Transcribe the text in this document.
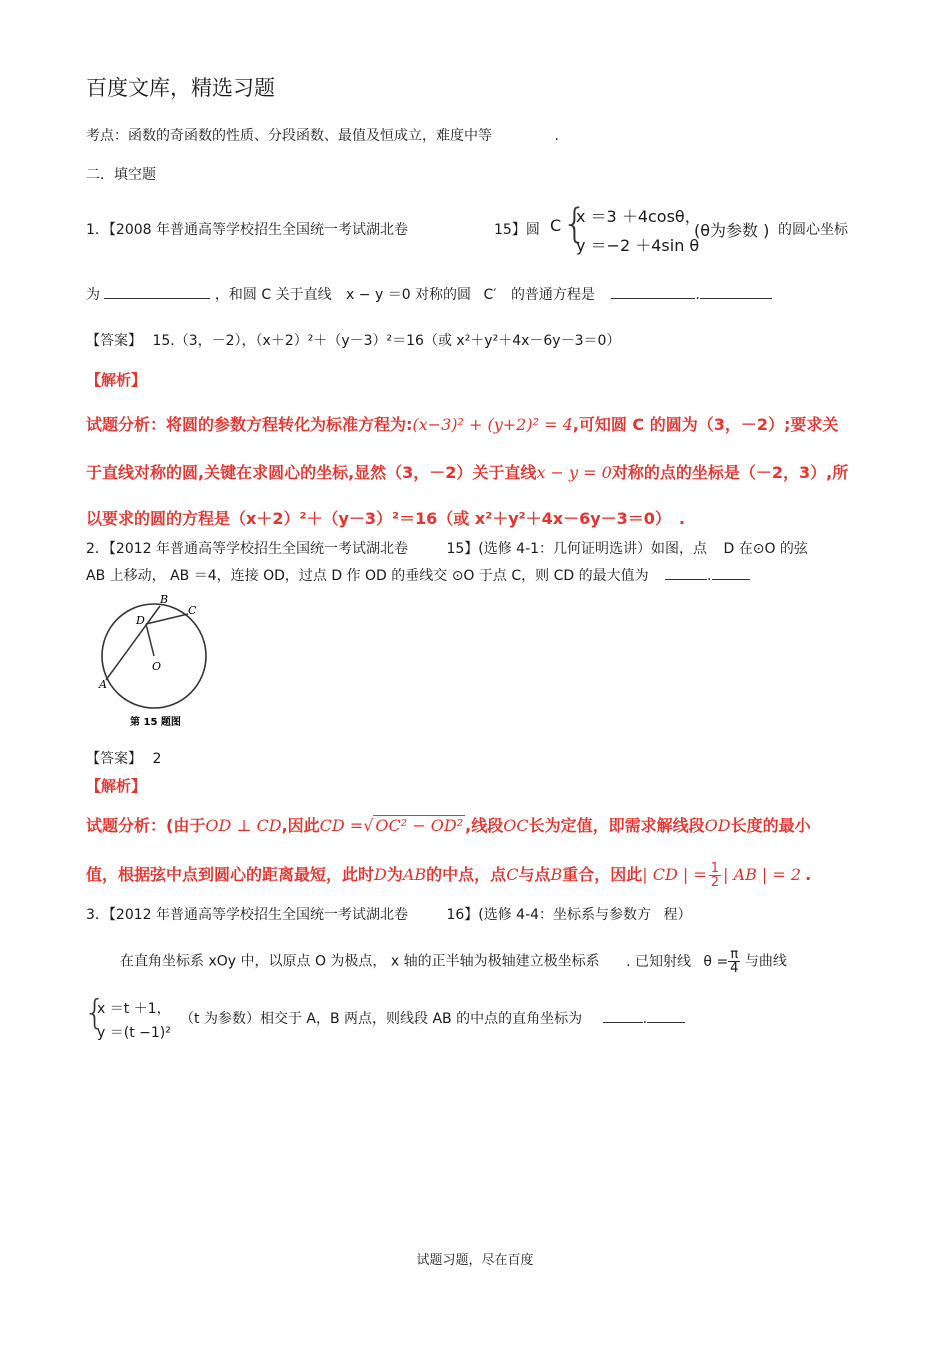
百度文库，精选习题
考点：函数的奇函数的性质、分段函数、最值及恒成立，难度中等	.
二．填空题
1．【2008 年普通高等学校招生全国统一考试湖北卷	15】圆 C {
x ＝3 ＋4cosθ，
y ＝−2 ＋4sin θ
(θ为参数 ) 的圆心坐标
为	，和圆 C 关于直线 x − y ＝0 对称的圆 C′ 的普通方程是	.
【答案】 15.（3，－2），（x＋2）²＋（y－3）²＝16（或 x²＋y²＋4x－6y－3＝0）
【解析】
试题分析：将圆的参数方程转化为标准方程为:(x−3)² + (y+2)² = 4,可知圆 C 的圆为（3，－2）;要求关
于直线对称的圆,关键在求圆心的坐标,显然（3，－2）关于直线x − y = 0对称的点的坐标是（－2，3）,所
以要求的圆的方程是（x＋2）²＋（y－3）²＝16（或 x²＋y²＋4x－6y－3＝0） .
2．【2012 年普通高等学校招生全国统一考试湖北卷	15】(选修 4-1：几何证明选讲）如图，点 D 在⊙O 的弦
AB 上移动， AB ＝4，连接 OD，过点 D 作 OD 的垂线交 ⊙O 于点 C，则 CD 的最大值为	.
A
B
C
D
O
第 15 题图
【答案】 2
【解析】
试题分析：(由于OD ⊥ CD,因此CD =√ OC² − OD² ,线段OC长为定值，即需求解线段OD长度的最小
值，根据弦中点到圆心的距离最短，此时D为AB的中点，点C与点B重合，因此| CD | = $\frac{1}{2}$ | AB | = 2 .
3．【2012 年普通高等学校招生全国统一考试湖北卷	16】(选修 4-4：坐标系与参数方 程）
在直角坐标系 xOy 中，以原点 O 为极点， x 轴的正半轴为极轴建立极坐标系 . 已知射线 $\theta = \frac{\pi}{4}$ 与曲线
{
x ＝t ＋1，
y ＝(t −1)²
（t 为参数）相交于 A，B 两点，则线段 AB 的中点的直角坐标为	.
试题习题，尽在百度
